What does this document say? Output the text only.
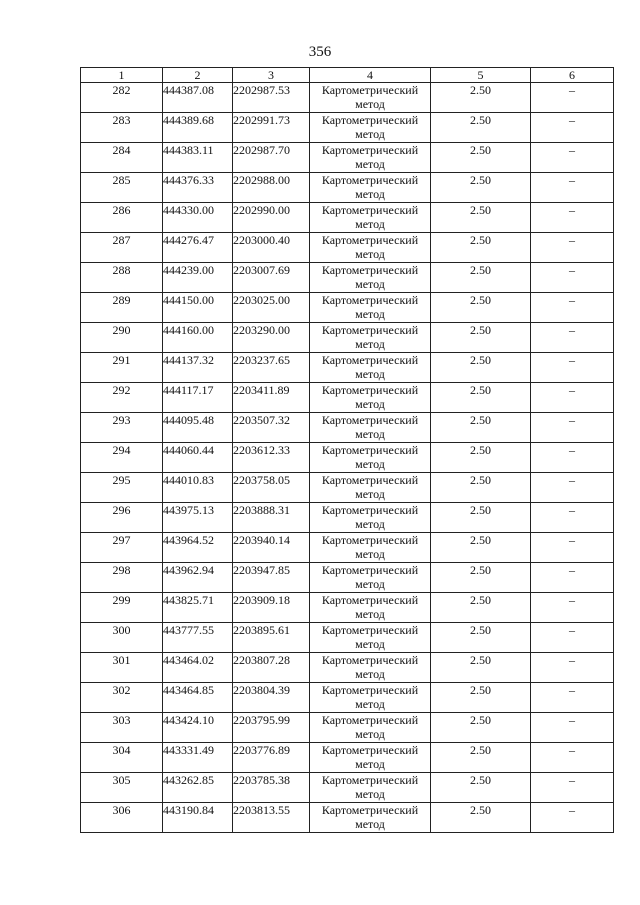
356
1	2	3	4	5	6
282	444387.08	2202987.53	Картометрический
метод	2.50	–
283	444389.68	2202991.73	Картометрический
метод	2.50	–
284	444383.11	2202987.70	Картометрический
метод	2.50	–
285	444376.33	2202988.00	Картометрический
метод	2.50	–
286	444330.00	2202990.00	Картометрический
метод	2.50	–
287	444276.47	2203000.40	Картометрический
метод	2.50	–
288	444239.00	2203007.69	Картометрический
метод	2.50	–
289	444150.00	2203025.00	Картометрический
метод	2.50	–
290	444160.00	2203290.00	Картометрический
метод	2.50	–
291	444137.32	2203237.65	Картометрический
метод	2.50	–
292	444117.17	2203411.89	Картометрический
метод	2.50	–
293	444095.48	2203507.32	Картометрический
метод	2.50	–
294	444060.44	2203612.33	Картометрический
метод	2.50	–
295	444010.83	2203758.05	Картометрический
метод	2.50	–
296	443975.13	2203888.31	Картометрический
метод	2.50	–
297	443964.52	2203940.14	Картометрический
метод	2.50	–
298	443962.94	2203947.85	Картометрический
метод	2.50	–
299	443825.71	2203909.18	Картометрический
метод	2.50	–
300	443777.55	2203895.61	Картометрический
метод	2.50	–
301	443464.02	2203807.28	Картометрический
метод	2.50	–
302	443464.85	2203804.39	Картометрический
метод	2.50	–
303	443424.10	2203795.99	Картометрический
метод	2.50	–
304	443331.49	2203776.89	Картометрический
метод	2.50	–
305	443262.85	2203785.38	Картометрический
метод	2.50	–
306	443190.84	2203813.55	Картометрический
метод	2.50	–
